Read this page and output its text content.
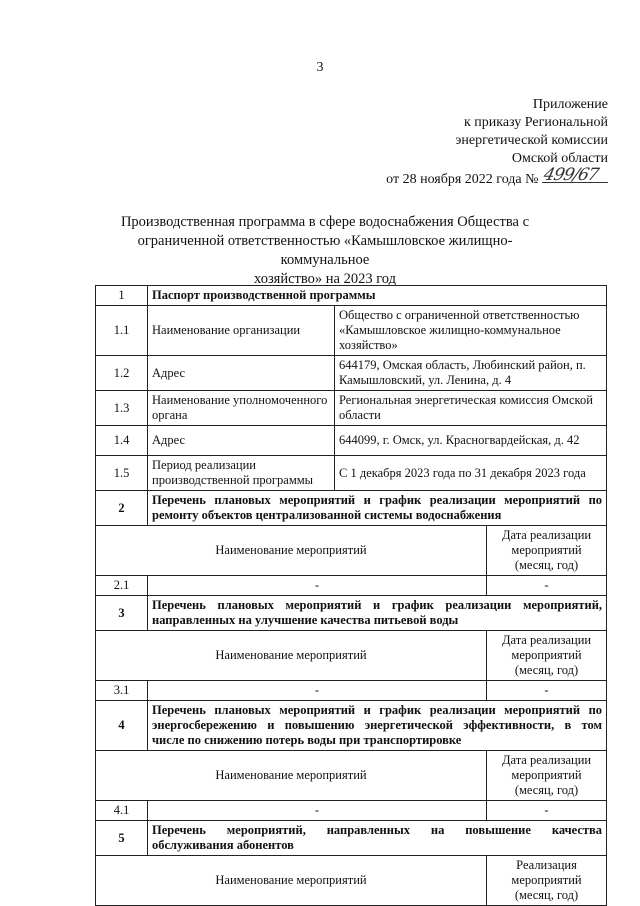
3
Приложение
к приказу Региональной
энергетической комиссии
Омской области
от 28 ноября 2022 года № 499/67
Производственная программа в сфере водоснабжения Общества с
ограниченной ответственностью «Камышловское жилищно-коммунальное
хозяйство» на 2023 год
1	Паспорт производственной программы		
1.1	Наименование организации	Общество с ограниченной ответственностью «Камышловское жилищно-коммунальное хозяйство»	
1.2	Адрес	644179, Омская область, Любинский район, п. Камышловский, ул. Ленина, д. 4	
1.3	Наименование уполномоченного органа	Региональная энергетическая комиссия Омской области	
1.4	Адрес	644099, г. Омск, ул. Красногвардейская, д. 42	
1.5	Период реализации производственной программы	С 1 декабря 2023 года по 31 декабря 2023 года	
2	Перечень плановых мероприятий и график реализации мероприятий по
ремонту объектов централизованной системы водоснабжения		

Наименование мероприятий			Дата реализации
мероприятий
(месяц, год)

2.1	-		-
3	Перечень плановых мероприятий и график реализации мероприятий,
направленных на улучшение качества питьевой воды		

Наименование мероприятий			Дата реализации
мероприятий
(месяц, год)

3.1	-		-
4	Перечень плановых мероприятий и график реализации мероприятий по
энергосбережению и повышению энергетической эффективности, в том
числе по снижению потерь воды при транспортировке		

Наименование мероприятий			Дата реализации
мероприятий
(месяц, год)

4.1	-		-
5	Перечень мероприятий, направленных на повышение качества
обслуживания абонентов		

Наименование мероприятий			Реализация
мероприятий
(месяц, год)
